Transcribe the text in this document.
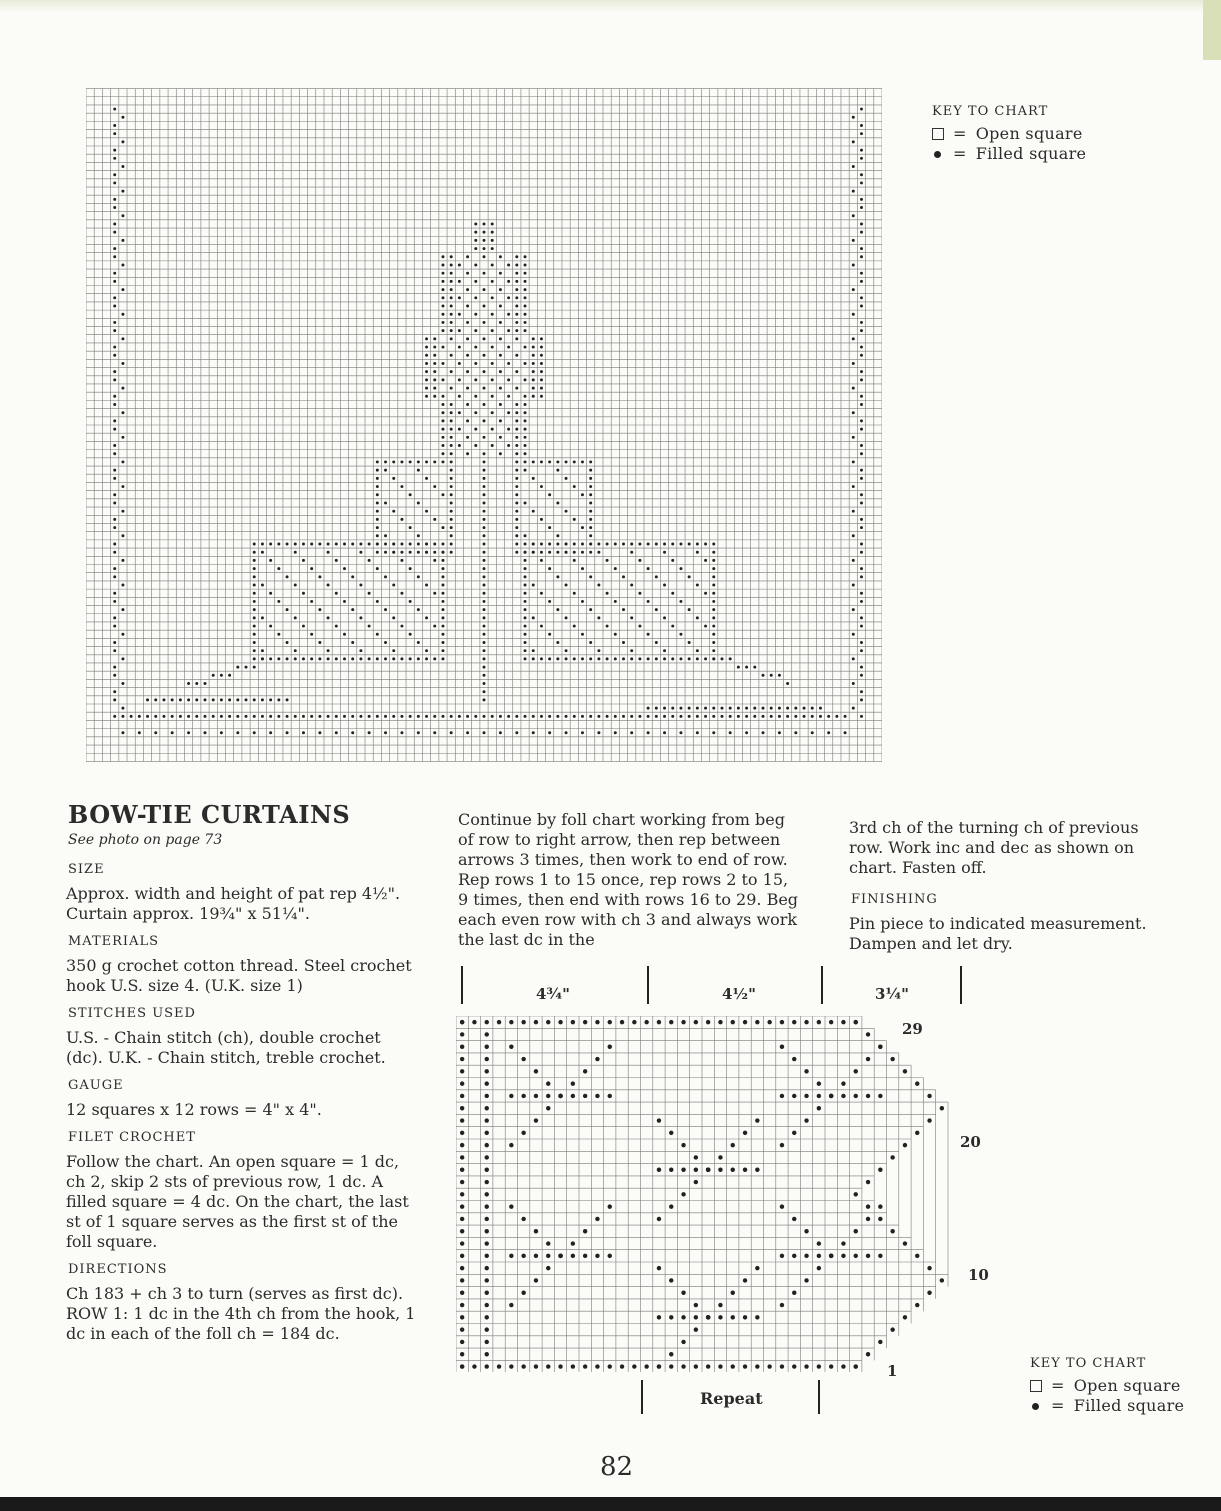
KEY TO CHART
= Open square
= Filled square
BOW-TIE CURTAINS
See photo on page 73
SIZE
Approx. width and height of pat rep 4½". Curtain approx. 19¾" x 51¼".
MATERIALS
350 g crochet cotton thread. Steel crochet hook U.S. size 4. (U.K. size 1)
STITCHES USED
U.S. - Chain stitch (ch), double crochet (dc). U.K. - Chain stitch, treble crochet.
GAUGE
12 squares x 12 rows = 4" x 4".
FILET CROCHET
Follow the chart. An open square = 1 dc, ch 2, skip 2 sts of previous row, 1 dc. A filled square = 4 dc. On the chart, the last st of 1 square serves as the first st of the foll square.
DIRECTIONS
Ch 183 + ch 3 to turn (serves as first dc).
ROW 1: 1 dc in the 4th ch from the hook, 1 dc in each of the foll ch = 184 dc.
Continue by foll chart working from beg of row to right arrow, then rep between arrows 3 times, then work to end of row. Rep rows 1 to 15 once, rep rows 2 to 15, 9 times, then end with rows 16 to 29. Beg each even row with ch 3 and always work the last dc in the
3rd ch of the turning ch of previous row. Work inc and dec as shown on chart. Fasten off.
FINISHING
Pin piece to indicated measurement. Dampen and let dry.
4¾"	4½"	3¼"
29
20
10
1
Repeat
KEY TO CHART
= Open square
= Filled square
82
